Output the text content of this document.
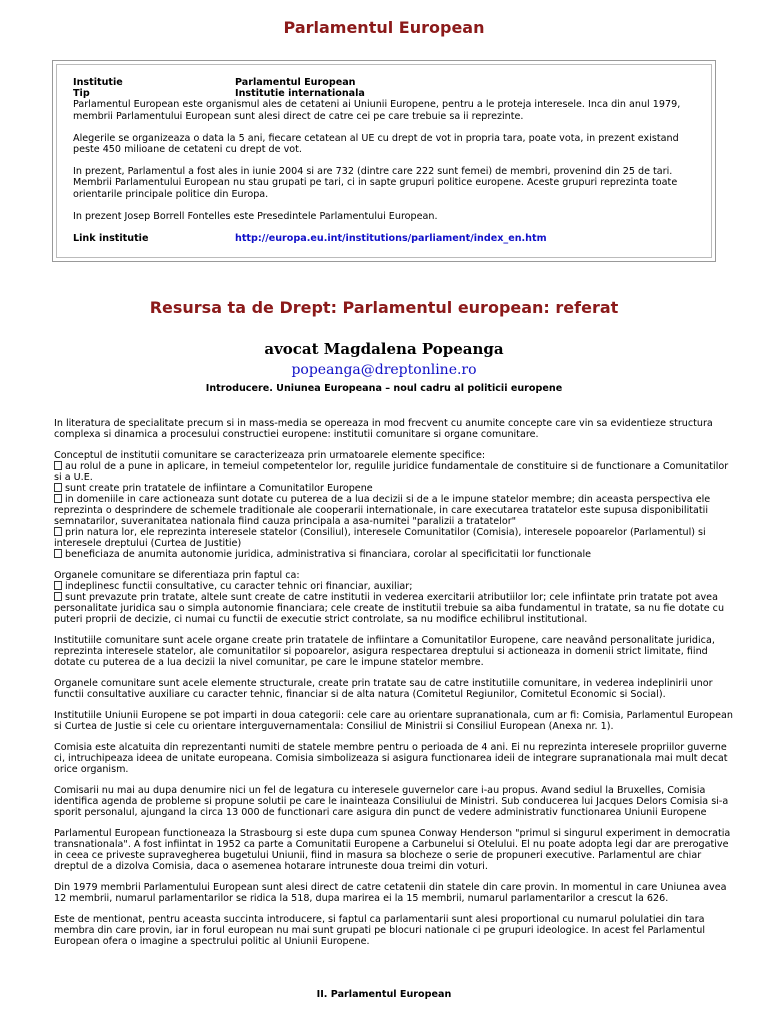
Parlamentul European
Institutie	Parlamentul European
Tip	Institutie internationala

Parlamentul European este organismul ales de cetateni ai Uniunii Europene, pentru a le proteja interesele. Inca din anul 1979, membrii Parlamentului European sunt alesi direct de catre cei pe care trebuie sa ii reprezinte.

Alegerile se organizeaza o data la 5 ani, fiecare cetatean al UE cu drept de vot in propria tara, poate vota, in prezent existand peste 450 milioane de cetateni cu drept de vot.

In prezent, Parlamentul a fost ales in iunie 2004 si are 732 (dintre care 222 sunt femei) de membri, provenind din 25 de tari. Membrii Parlamentului European nu stau grupati pe tari, ci in sapte grupuri politice europene. Aceste grupuri reprezinta toate orientarile principale politice din Europa.

In prezent Josep Borrell Fontelles este Presedintele Parlamentului European.

Link institutie	http://europa.eu.int/institutions/parliament/index_en.htm
Resursa ta de Drept: Parlamentul european: referat
avocat Magdalena Popeanga
popeanga@dreptonline.ro
Introducere. Uniunea Europeana – noul cadru al politicii europene

In literatura de specialitate precum si in mass-media se opereaza in mod frecvent cu anumite concepte care vin sa evidentieze structura complexa si dinamica a procesului constructiei europene: institutii comunitare si organe comunitare.

Conceptul de institutii comunitare se caracterizeaza prin urmatoarele elemente specifice:
au rolul de a pune in aplicare, in temeiul competentelor lor, regulile juridice fundamentale de constituire si de functionare a Comunitatilor si a U.E.
sunt create prin tratatele de infiintare a Comunitatilor Europene
in domeniile in care actioneaza sunt dotate cu puterea de a lua decizii si de a le impune statelor membre; din aceasta perspectiva ele reprezinta o desprindere de schemele traditionale ale cooperarii internationale, in care executarea tratatelor este supusa disponibilitatii semnatarilor, suveranitatea nationala fiind cauza principala a asa-numitei "paralizii a tratatelor"
prin natura lor, ele reprezinta interesele statelor (Consiliul), interesele Comunitatilor (Comisia), interesele popoarelor (Parlamentul) si interesele dreptului (Curtea de Justitie)
beneficiaza de anumita autonomie juridica, administrativa si financiara, corolar al specificitatii lor functionale

Organele comunitare se diferentiaza prin faptul ca:
indeplinesc functii consultative, cu caracter tehnic ori financiar, auxiliar;
sunt prevazute prin tratate, altele sunt create de catre institutii in vederea exercitarii atributiilor lor; cele infiintate prin tratate pot avea personalitate juridica sau o simpla autonomie financiara; cele create de institutii trebuie sa aiba fundamentul in tratate, sa nu fie dotate cu puteri proprii de decizie, ci numai cu functii de executie strict controlate, sa nu modifice echilibrul institutional.

Institutiile comunitare sunt acele organe create prin tratatele de infiintare a Comunitatilor Europene, care neavând personalitate juridica, reprezinta interesele statelor, ale comunitatilor si popoarelor, asigura respectarea dreptului si actioneaza in domenii strict limitate, fiind dotate cu puterea de a lua decizii la nivel comunitar, pe care le impune statelor membre.

Organele comunitare sunt acele elemente structurale, create prin tratate sau de catre institutiile comunitare, in vederea indeplinirii unor functii consultative auxiliare cu caracter tehnic, financiar si de alta natura (Comitetul Regiunilor, Comitetul Economic si Social).

Institutiile Uniunii Europene se pot imparti in doua categorii: cele care au orientare supranationala, cum ar fi: Comisia, Parlamentul European si Curtea de Justie si cele cu orientare interguvernamentala: Consiliul de Ministrii si Consiliul European (Anexa nr. 1).

Comisia este alcatuita din reprezentanti numiti de statele membre pentru o perioada de 4 ani. Ei nu reprezinta interesele propriilor guverne ci, intruchipeaza ideea de unitate europeana. Comisia simbolizeaza si asigura functionarea ideii de integrare supranationala mai mult decat orice organism.

Comisarii nu mai au dupa denumire nici un fel de legatura cu interesele guvernelor care i-au propus. Avand sediul la Bruxelles, Comisia identifica agenda de probleme si propune solutii pe care le inainteaza Consiliului de Ministri. Sub conducerea lui Jacques Delors Comisia si-a sporit personalul, ajungand la circa 13 000 de functionari care asigura din punct de vedere administrativ functionarea Uniunii Europene

Parlamentul European functioneaza la Strasbourg si este dupa cum spunea Conway Henderson "primul si singurul experiment in democratia transnationala". A fost infiintat in 1952 ca parte a Comunitatii Europene a Carbunelui si Otelului. El nu poate adopta legi dar are prerogative in ceea ce priveste supravegherea bugetului Uniunii, fiind in masura sa blocheze o serie de propuneri executive. Parlamentul are chiar dreptul de a dizolva Comisia, daca o asemenea hotarare intruneste doua treimi din voturi.

Din 1979 membrii Parlamentului European sunt alesi direct de catre cetatenii din statele din care provin. In momentul in care Uniunea avea 12 membrii, numarul parlamentarilor se ridica la 518, dupa marirea ei la 15 membrii, numarul parlamentarilor a crescut la 626.

Este de mentionat, pentru aceasta succinta introducere, si faptul ca parlamentarii sunt alesi proportional cu numarul polulatiei din tara membra din care provin, iar in forul european nu mai sunt grupati pe blocuri nationale ci pe grupuri ideologice. In acest fel Parlamentul European ofera o imagine a spectrului politic al Uniunii Europene.

II. Parlamentul European
